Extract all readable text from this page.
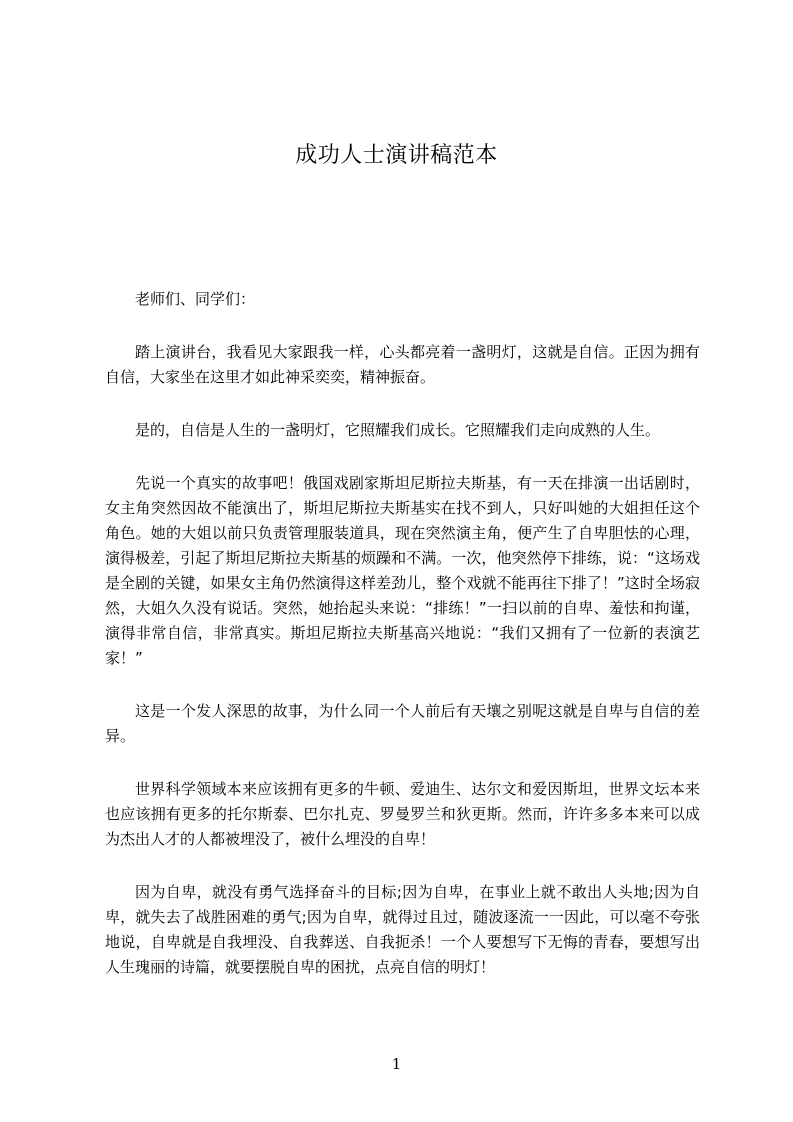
成功人士演讲稿范本

老师们、同学们：

踏上演讲台，我看见大家跟我一样，心头都亮着一盏明灯，这就是自信。正因为拥有自信，大家坐在这里才如此神采奕奕，精神振奋。

是的，自信是人生的一盏明灯，它照耀我们成长。它照耀我们走向成熟的人生。

先说一个真实的故事吧！俄国戏剧家斯坦尼斯拉夫斯基，有一天在排演一出话剧时，女主角突然因故不能演出了，斯坦尼斯拉夫斯基实在找不到人，只好叫她的大姐担任这个角色。她的大姐以前只负责管理服装道具，现在突然演主角，便产生了自卑胆怯的心理，演得极差，引起了斯坦尼斯拉夫斯基的烦躁和不满。一次，他突然停下排练，说：“这场戏是全剧的关键，如果女主角仍然演得这样差劲儿，整个戏就不能再往下排了！”这时全场寂然，大姐久久没有说话。突然，她抬起头来说：“排练！”一扫以前的自卑、羞怯和拘谨，演得非常自信，非常真实。斯坦尼斯拉夫斯基高兴地说：“我们又拥有了一位新的表演艺家！”

这是一个发人深思的故事，为什么同一个人前后有天壤之别呢这就是自卑与自信的差异。

世界科学领域本来应该拥有更多的牛顿、爱迪生、达尔文和爱因斯坦，世界文坛本来也应该拥有更多的托尔斯泰、巴尔扎克、罗曼罗兰和狄更斯。然而，许许多多本来可以成为杰出人才的人都被埋没了，被什么埋没的自卑！

因为自卑，就没有勇气选择奋斗的目标;因为自卑，在事业上就不敢出人头地;因为自卑，就失去了战胜困难的勇气;因为自卑，就得过且过，随波逐流一一因此，可以毫不夸张地说，自卑就是自我埋没、自我葬送、自我扼杀！一个人要想写下无悔的青春，要想写出人生瑰丽的诗篇，就要摆脱自卑的困扰，点亮自信的明灯！

1
